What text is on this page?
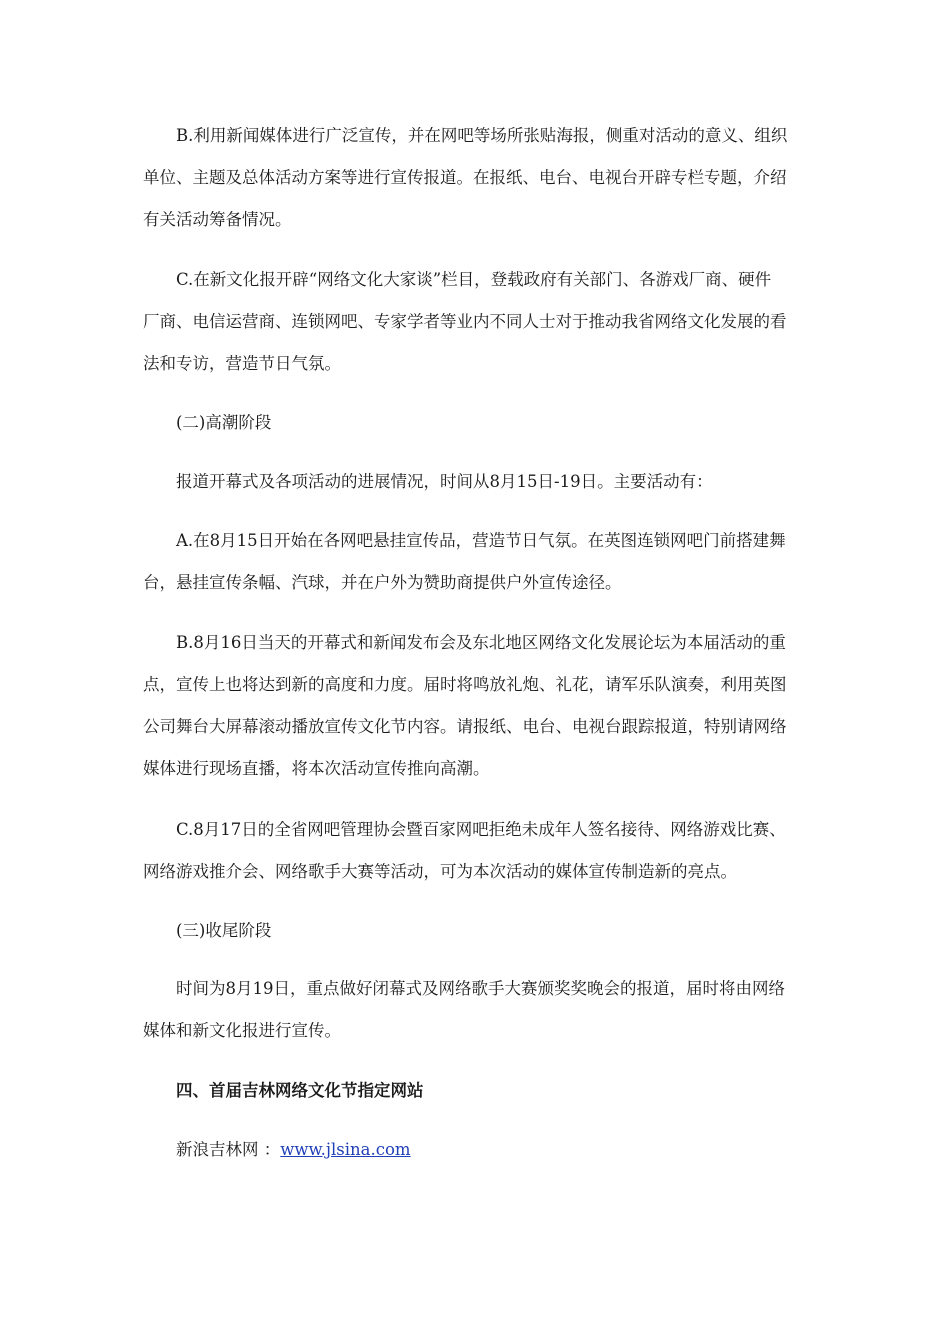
B.利用新闻媒体进行广泛宣传，并在网吧等场所张贴海报，侧重对活动的意义、组织
单位、主题及总体活动方案等进行宣传报道。在报纸、电台、电视台开辟专栏专题，介绍
有关活动筹备情况。
C.在新文化报开辟“网络文化大家谈”栏目，登载政府有关部门、各游戏厂商、硬件
厂商、电信运营商、连锁网吧、专家学者等业内不同人士对于推动我省网络文化发展的看
法和专访，营造节日气氛。
(二)高潮阶段
报道开幕式及各项活动的进展情况，时间从8月15日-19日。主要活动有：
A.在8月15日开始在各网吧悬挂宣传品，营造节日气氛。在英图连锁网吧门前搭建舞
台，悬挂宣传条幅、汽球，并在户外为赞助商提供户外宣传途径。
B.8月16日当天的开幕式和新闻发布会及东北地区网络文化发展论坛为本届活动的重
点，宣传上也将达到新的高度和力度。届时将鸣放礼炮、礼花，请军乐队演奏，利用英图
公司舞台大屏幕滚动播放宣传文化节内容。请报纸、电台、电视台跟踪报道，特别请网络
媒体进行现场直播，将本次活动宣传推向高潮。
C.8月17日的全省网吧管理协会暨百家网吧拒绝未成年人签名接待、网络游戏比赛、
网络游戏推介会、网络歌手大赛等活动，可为本次活动的媒体宣传制造新的亮点。
(三)收尾阶段
时间为8月19日，重点做好闭幕式及网络歌手大赛颁奖奖晚会的报道，届时将由网络
媒体和新文化报进行宣传。
四、首届吉林网络文化节指定网站
新浪吉林网 ：www.jlsina.com
